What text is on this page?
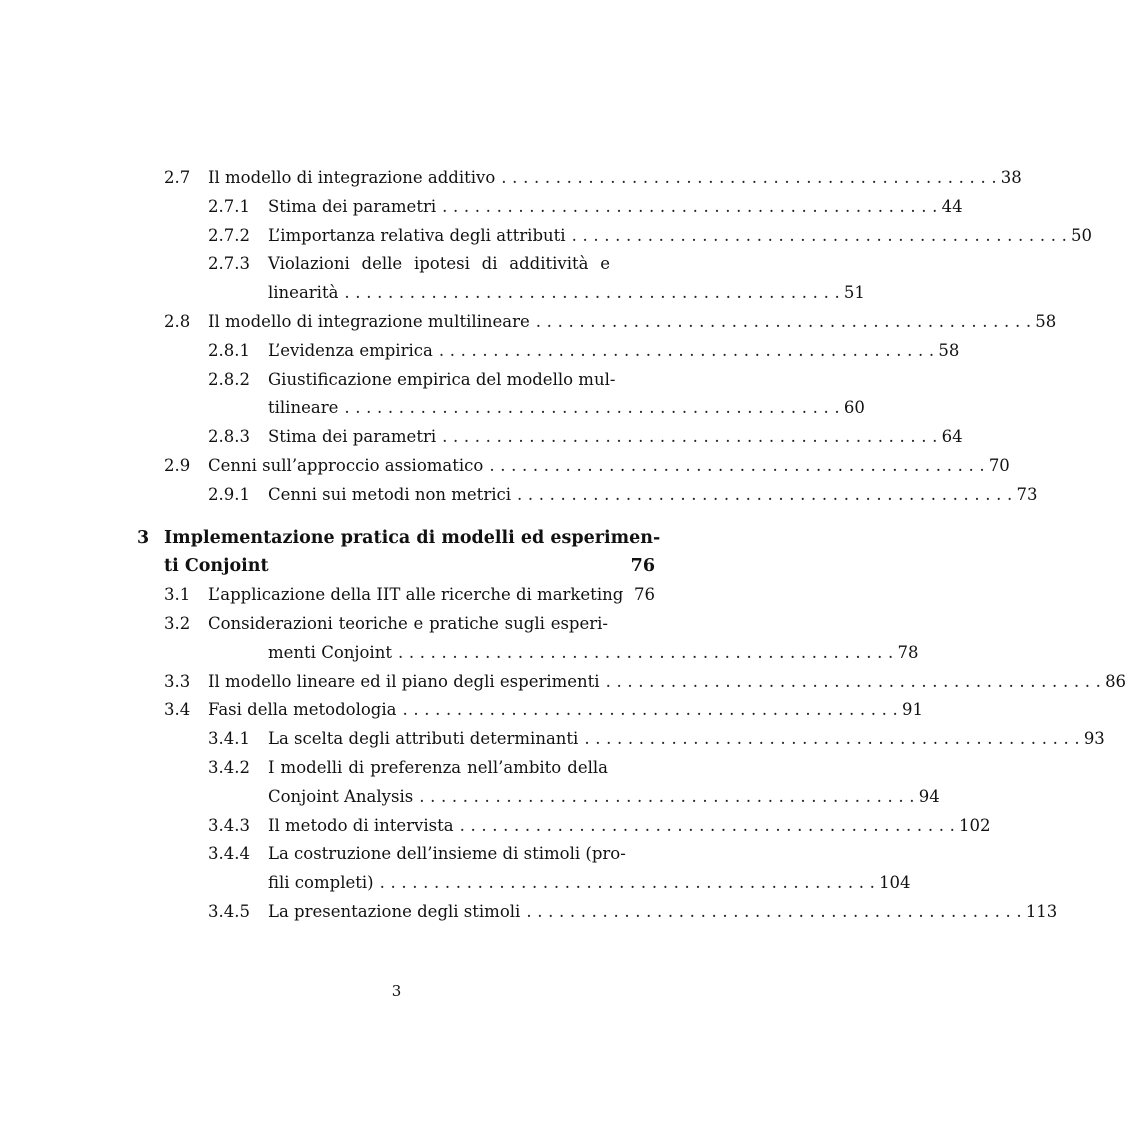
2.7 Il modello di integrazione additivo . . . . . . . . . . . . . . . . . . . . . . . . . . . . . . . . . . . . . . . . . . . . . . 38
2.7.1 Stima dei parametri . . . . . . . . . . . . . . . . . . . . . . . . . . . . . . . . . . . . . . . . . . . . . . 44
2.7.2 L’importanza relativa degli attributi . . . . . . . . . . . . . . . . . . . . . . . . . . . . . . . . . . . . . . . . . . . . . . 50
2.7.3 Violazioni delle ipotesi di additività e
linearità . . . . . . . . . . . . . . . . . . . . . . . . . . . . . . . . . . . . . . . . . . . . . . 51
2.8 Il modello di integrazione multilineare . . . . . . . . . . . . . . . . . . . . . . . . . . . . . . . . . . . . . . . . . . . . . . 58
2.8.1 L’evidenza empirica . . . . . . . . . . . . . . . . . . . . . . . . . . . . . . . . . . . . . . . . . . . . . . 58
2.8.2 Giustificazione empirica del modello mul-
tilineare . . . . . . . . . . . . . . . . . . . . . . . . . . . . . . . . . . . . . . . . . . . . . . 60
2.8.3 Stima dei parametri . . . . . . . . . . . . . . . . . . . . . . . . . . . . . . . . . . . . . . . . . . . . . . 64
2.9 Cenni sull’approccio assiomatico . . . . . . . . . . . . . . . . . . . . . . . . . . . . . . . . . . . . . . . . . . . . . . 70
2.9.1 Cenni sui metodi non metrici . . . . . . . . . . . . . . . . . . . . . . . . . . . . . . . . . . . . . . . . . . . . . . 73
3 Implementazione pratica di modelli ed esperimen-
ti Conjoint	76
3.1 L’applicazione della IIT alle ricerche di marketing 76
3.2 Considerazioni teoriche e pratiche sugli esperi-
menti Conjoint . . . . . . . . . . . . . . . . . . . . . . . . . . . . . . . . . . . . . . . . . . . . . . 78
3.3 Il modello lineare ed il piano degli esperimenti . . . . . . . . . . . . . . . . . . . . . . . . . . . . . . . . . . . . . . . . . . . . . . 86
3.4 Fasi della metodologia . . . . . . . . . . . . . . . . . . . . . . . . . . . . . . . . . . . . . . . . . . . . . . 91
3.4.1 La scelta degli attributi determinanti . . . . . . . . . . . . . . . . . . . . . . . . . . . . . . . . . . . . . . . . . . . . . . 93
3.4.2 I modelli di preferenza nell’ambito della
Conjoint Analysis . . . . . . . . . . . . . . . . . . . . . . . . . . . . . . . . . . . . . . . . . . . . . . 94
3.4.3 Il metodo di intervista . . . . . . . . . . . . . . . . . . . . . . . . . . . . . . . . . . . . . . . . . . . . . . 102
3.4.4 La costruzione dell’insieme di stimoli (pro-
fili completi) . . . . . . . . . . . . . . . . . . . . . . . . . . . . . . . . . . . . . . . . . . . . . . 104
3.4.5 La presentazione degli stimoli . . . . . . . . . . . . . . . . . . . . . . . . . . . . . . . . . . . . . . . . . . . . . . 113
3
